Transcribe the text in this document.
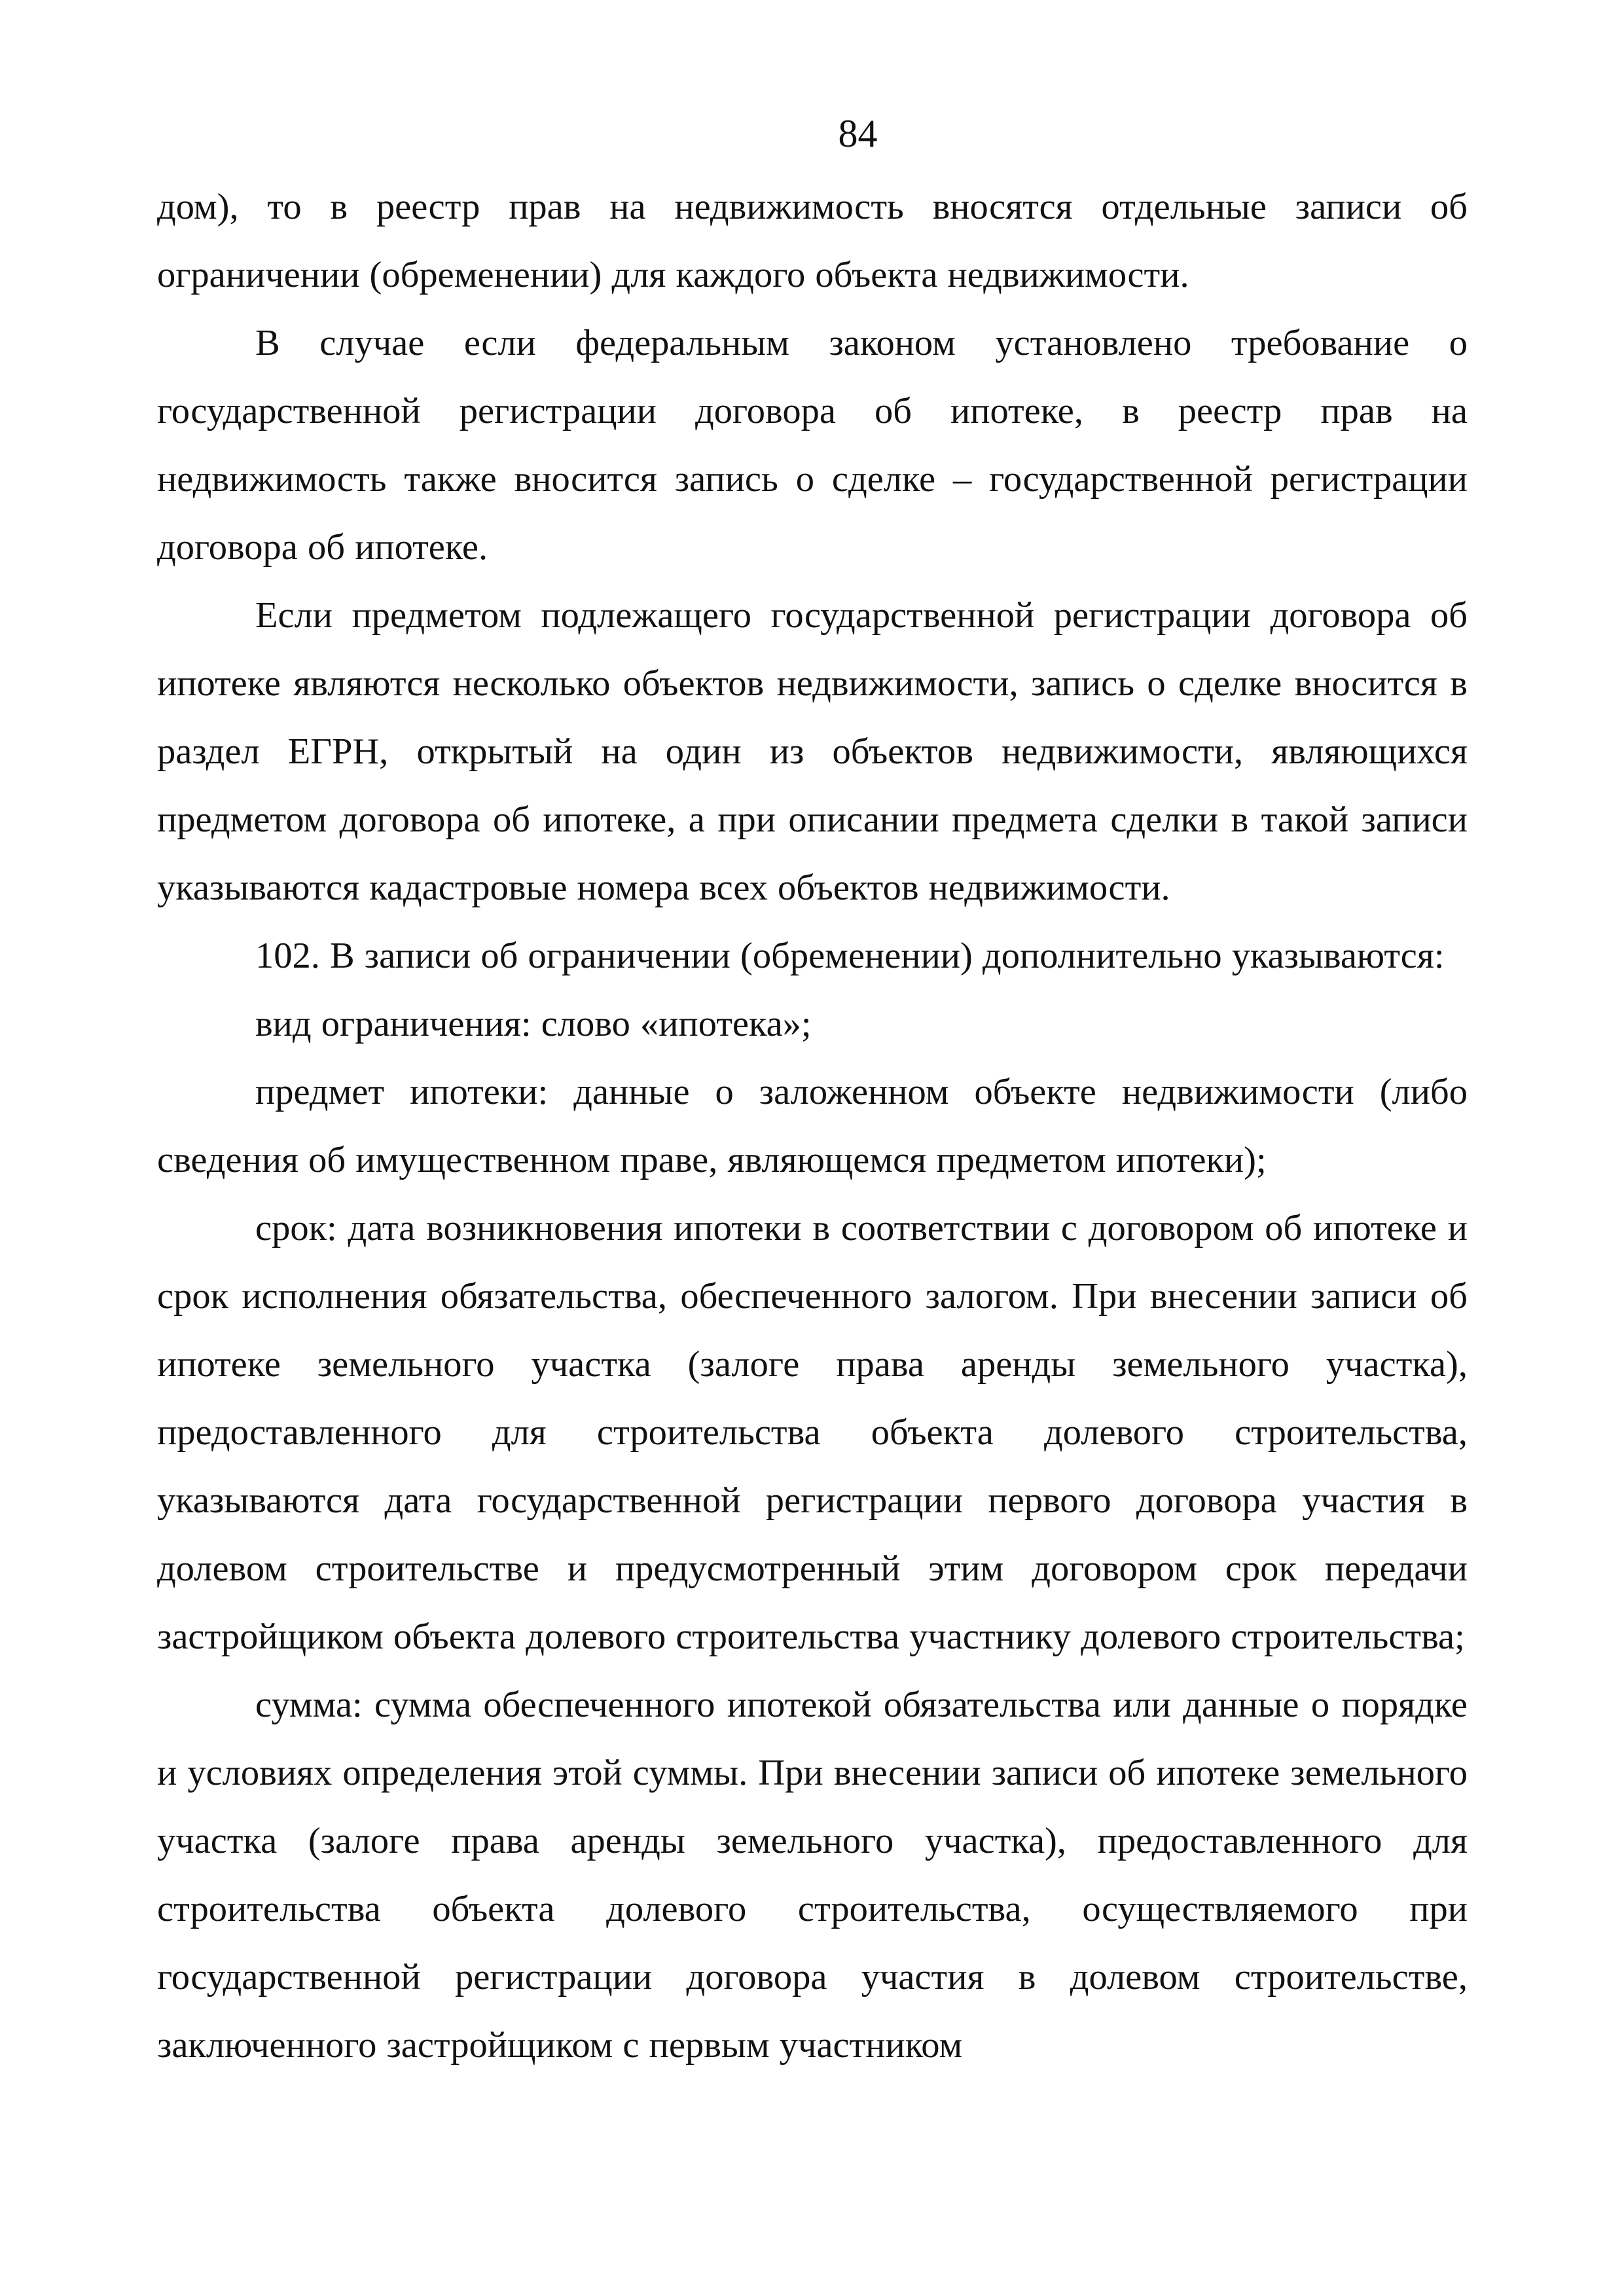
84

дом), то в реестр прав на недвижимость вносятся отдельные записи об ограничении (обременении) для каждого объекта недвижимости.

В случае если федеральным законом установлено требование о государственной регистрации договора об ипотеке, в реестр прав на недвижимость также вносится запись о сделке – государственной регистрации договора об ипотеке.

Если предметом подлежащего государственной регистрации договора об ипотеке являются несколько объектов недвижимости, запись о сделке вносится в раздел ЕГРН, открытый на один из объектов недвижимости, являющихся предметом договора об ипотеке, а при описании предмета сделки в такой записи указываются кадастровые номера всех объектов недвижимости.

102. В записи об ограничении (обременении) дополнительно указываются:

вид ограничения: слово «ипотека»;

предмет ипотеки: данные о заложенном объекте недвижимости (либо сведения об имущественном праве, являющемся предметом ипотеки);

срок: дата возникновения ипотеки в соответствии с договором об ипотеке и срок исполнения обязательства, обеспеченного залогом. При внесении записи об ипотеке земельного участка (залоге права аренды земельного участка), предоставленного для строительства объекта долевого строительства, указываются дата государственной регистрации первого договора участия в долевом строительстве и предусмотренный этим договором срок передачи застройщиком объекта долевого строительства участнику долевого строительства;

сумма: сумма обеспеченного ипотекой обязательства или данные о порядке и условиях определения этой суммы. При внесении записи об ипотеке земельного участка (залоге права аренды земельного участка), предоставленного для строительства объекта долевого строительства, осуществляемого при государственной регистрации договора участия в долевом строительстве, заключенного застройщиком с первым участником
